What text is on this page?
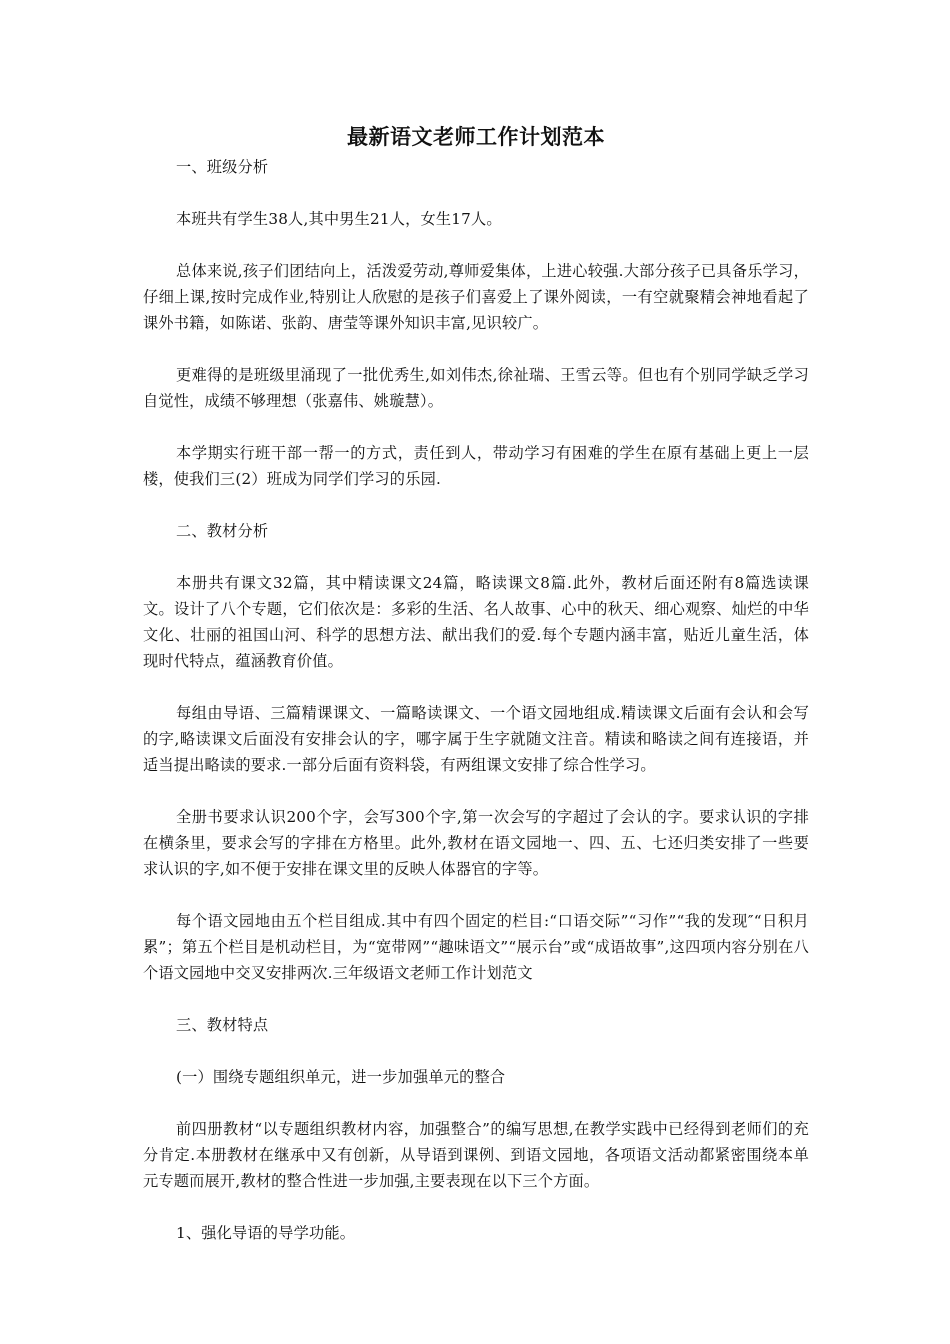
最新语文老师工作计划范本

一、班级分析

本班共有学生38人,其中男生21人，女生17人。

总体来说,孩子们团结向上，活泼爱劳动,尊师爱集体，上进心较强.大部分孩子已具备乐学习，仔细上课,按时完成作业,特别让人欣慰的是孩子们喜爱上了课外阅读，一有空就聚精会神地看起了课外书籍，如陈诺、张韵、唐莹等课外知识丰富,见识较广。

更难得的是班级里涌现了一批优秀生,如刘伟杰,徐祉瑞、王雪云等。但也有个别同学缺乏学习自觉性，成绩不够理想（张嘉伟、姚璇慧）。

本学期实行班干部一帮一的方式，责任到人，带动学习有困难的学生在原有基础上更上一层楼，使我们三(2）班成为同学们学习的乐园.

二、教材分析

本册共有课文32篇，其中精读课文24篇，略读课文8篇.此外，教材后面还附有8篇选读课文。设计了八个专题，它们依次是：多彩的生活、名人故事、心中的秋天、细心观察、灿烂的中华文化、壮丽的祖国山河、科学的思想方法、献出我们的爱.每个专题内涵丰富，贴近儿童生活，体现时代特点，蕴涵教育价值。

每组由导语、三篇精课课文、一篇略读课文、一个语文园地组成.精读课文后面有会认和会写的字,略读课文后面没有安排会认的字，哪字属于生字就随文注音。精读和略读之间有连接语，并适当提出略读的要求.一部分后面有资料袋，有两组课文安排了综合性学习。

全册书要求认识200个字，会写300个字,第一次会写的字超过了会认的字。要求认识的字排在横条里，要求会写的字排在方格里。此外,教材在语文园地一、四、五、七还归类安排了一些要求认识的字,如不便于安排在课文里的反映人体器官的字等。

每个语文园地由五个栏目组成.其中有四个固定的栏目:“口语交际”“习作”“我的发现″“日积月累”；第五个栏目是机动栏目，为“宽带网”“趣味语文”“展示台”或“成语故事”,这四项内容分别在八个语文园地中交叉安排两次.三年级语文老师工作计划范文

三、教材特点

(一）围绕专题组织单元，进一步加强单元的整合

前四册教材“以专题组织教材内容，加强整合”的编写思想,在教学实践中已经得到老师们的充分肯定.本册教材在继承中又有创新，从导语到课例、到语文园地，各项语文活动都紧密围绕本单元专题而展开,教材的整合性进一步加强,主要表现在以下三个方面。

1、强化导语的导学功能。
